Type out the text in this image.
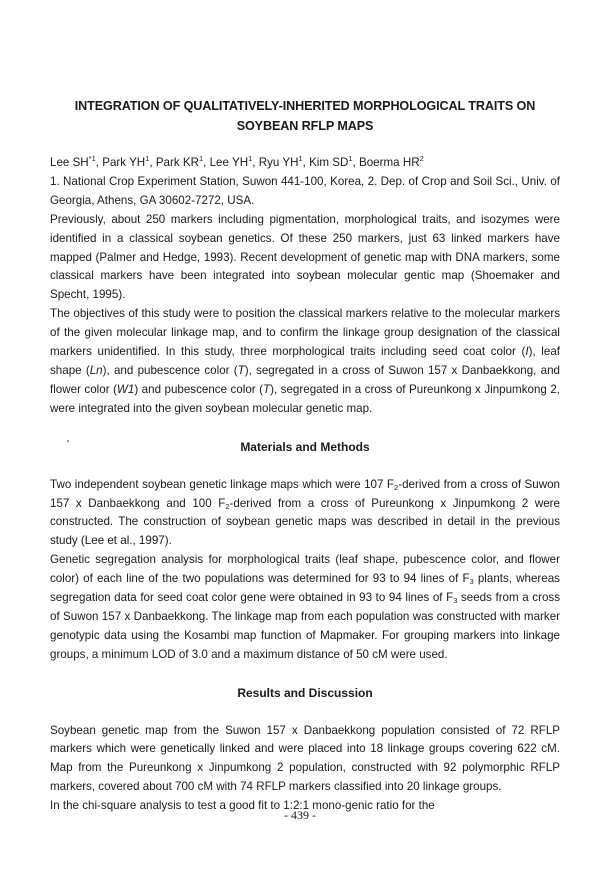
INTEGRATION OF QUALITATIVELY-INHERITED MORPHOLOGICAL TRAITS ON
SOYBEAN RFLP MAPS

Lee SH$^{*1}$, Park $YH^1$, Park $KR^1$, Lee $YH^1$, Ryu $YH^1$, Kim $SD^1$, Boerma $HR^2$

1. National Crop Experiment Station, Suwon 441-100, Korea, 2. Dep. of Crop and Soil Sci., Univ. of Georgia, Athens, GA 30602-7272, USA.

Previously, about 250 markers including pigmentation, morphological traits, and isozymes were identified in a classical soybean genetics. Of these 250 markers, just 63 linked markers have mapped (Palmer and Hedge, 1993). Recent development of genetic map with DNA markers, some classical markers have been integrated into soybean molecular gentic map (Shoemaker and Specht, 1995).

The objectives of this study were to position the classical markers relative to the molecular markers of the given molecular linkage map, and to confirm the linkage group designation of the classical markers unidentified. In this study, three morphological traits including seed coat color (I), leaf shape (Ln), and pubescence color (T), segregated in a cross of Suwon 157 x Danbaekkong, and flower color (W1) and pubescence color (T), segregated in a cross of Pureunkong x Jinpumkong 2, were integrated into the given soybean molecular genetic map.

Materials and Methods

Two independent soybean genetic linkage maps which were 107 $F_2$-derived from a cross of Suwon 157 x Danbaekkong and 100 $F_2$-derived from a cross of Pureunkong x Jinpumkong 2 were constructed. The construction of soybean genetic maps was described in detail in the previous study (Lee et al., 1997).

Genetic segregation analysis for morphological traits (leaf shape, pubescence color, and flower color) of each line of the two populations was determined for 93 to 94 lines of $F_3$ plants, whereas segregation data for seed coat color gene were obtained in 93 to 94 lines of $F_3$ seeds from a cross of Suwon 157 x Danbaekkong. The linkage map from each population was constructed with marker genotypic data using the Kosambi map function of Mapmaker. For grouping markers into linkage groups, a minimum LOD of 3.0 and a maximum distance of 50 cM were used.

Results and Discussion

Soybean genetic map from the Suwon 157 x Danbaekkong population consisted of 72 RFLP markers which were genetically linked and were placed into 18 linkage groups covering 622 cM. Map from the Pureunkong x Jinpumkong 2 population, constructed with 92 polymorphic RFLP markers, covered about 700 cM with 74 RFLP markers classified into 20 linkage groups.

In the chi-square analysis to test a good fit to 1:2:1 mono-genic ratio for the

- 439 -
